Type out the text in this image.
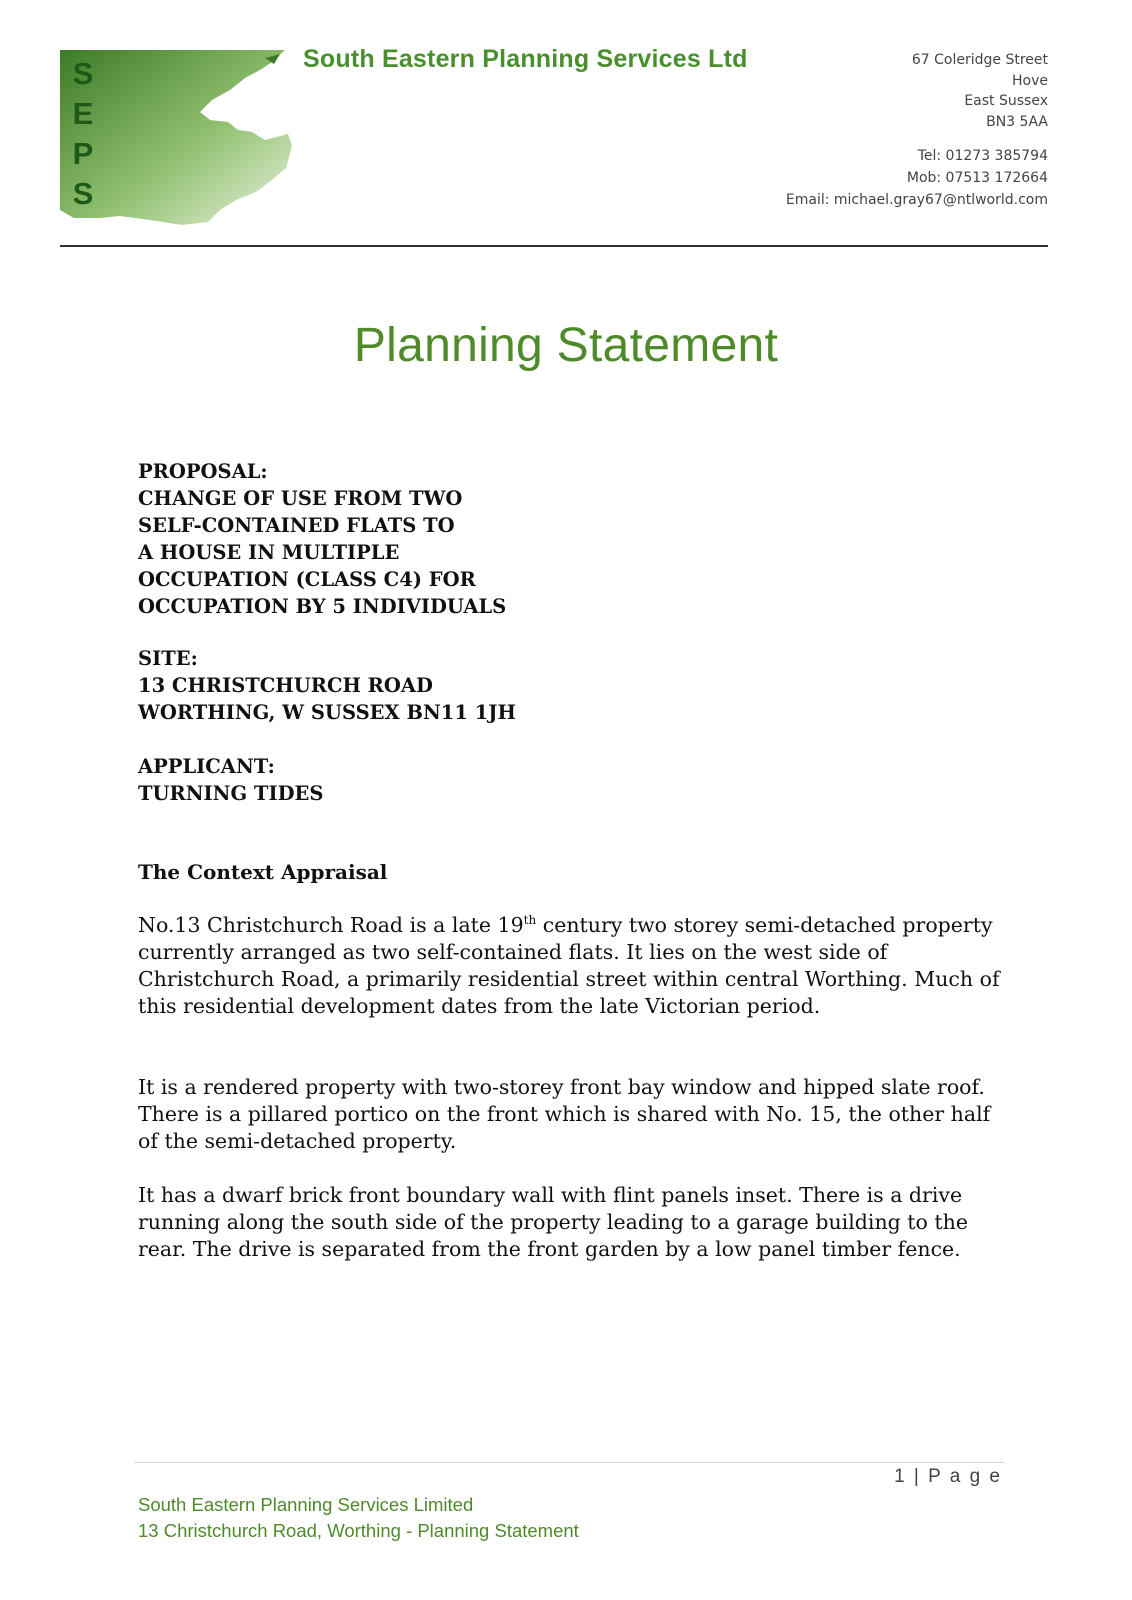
S
E
P
S
South Eastern Planning Services Ltd	67 Coleridge Street
Hove
East Sussex
BN3 5AA
Tel: 01273 385794
Mob: 07513 172664
Email: michael.gray67@ntlworld.com
Planning Statement
PROPOSAL:
CHANGE OF USE FROM TWO
SELF-CONTAINED FLATS TO
A HOUSE IN MULTIPLE
OCCUPATION (CLASS C4) FOR
OCCUPATION BY 5 INDIVIDUALS
SITE:
13 CHRISTCHURCH ROAD
WORTHING, W SUSSEX BN11 1JH
APPLICANT:
TURNING TIDES
The Context Appraisal
No.13 Christchurch Road is a late 19th century two storey semi-detached property currently arranged as two self-contained flats. It lies on the west side of Christchurch Road, a primarily residential street within central Worthing. Much of this residential development dates from the late Victorian period.
It is a rendered property with two-storey front bay window and hipped slate roof. There is a pillared portico on the front which is shared with No. 15, the other half of the semi-detached property.
It has a dwarf brick front boundary wall with flint panels inset. There is a drive running along the south side of the property leading to a garage building to the rear. The drive is separated from the front garden by a low panel timber fence.
1 | P a g e
South Eastern Planning Services Limited
13 Christchurch Road, Worthing - Planning Statement
